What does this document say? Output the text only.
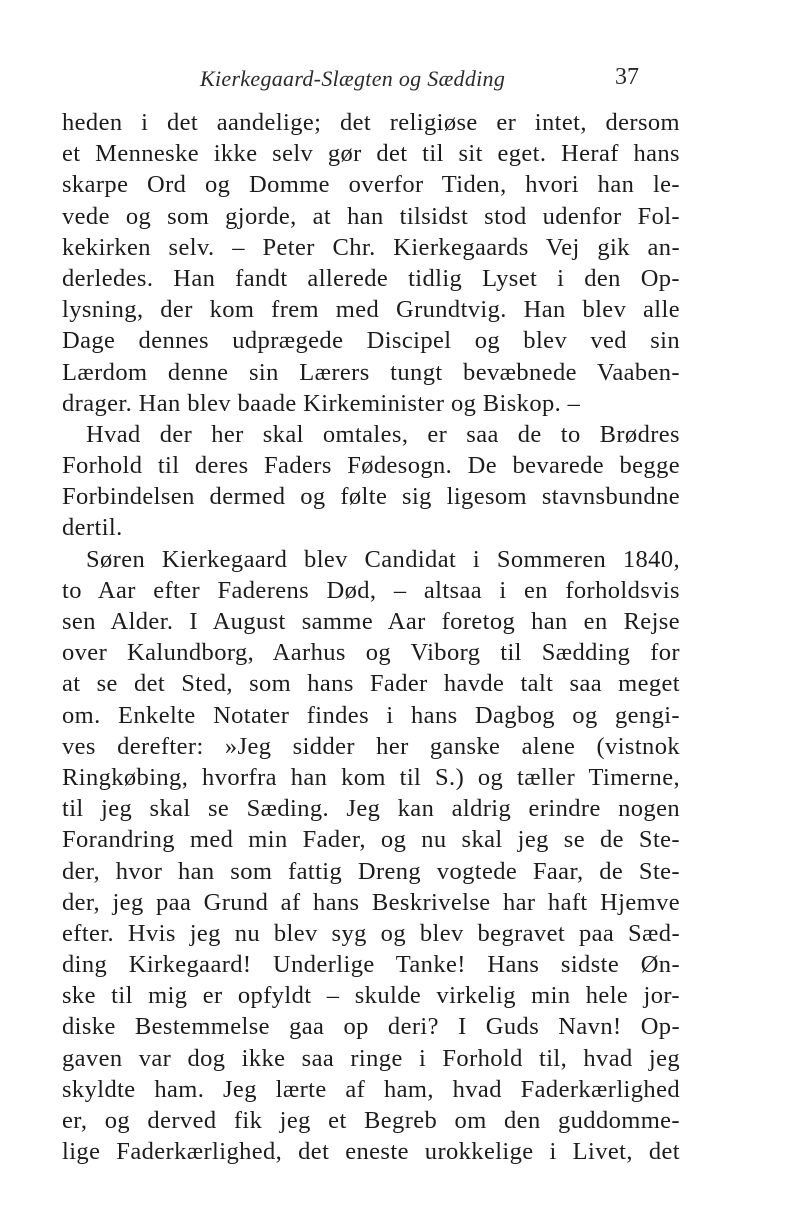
Kierkegaard-Slægten og Sædding	37
heden i det aandelige; det religiøse er intet, dersom
et Menneske ikke selv gør det til sit eget. Heraf hans
skarpe Ord og Domme overfor Tiden, hvori han le-
vede og som gjorde, at han tilsidst stod udenfor Fol-
kekirken selv. – Peter Chr. Kierkegaards Vej gik an-
derledes. Han fandt allerede tidlig Lyset i den Op-
lysning, der kom frem med Grundtvig. Han blev alle
Dage dennes udprægede Discipel og blev ved sin
Lærdom denne sin Lærers tungt bevæbnede Vaaben-
drager. Han blev baade Kirkeminister og Biskop. –
Hvad der her skal omtales, er saa de to Brødres
Forhold til deres Faders Fødesogn. De bevarede begge
Forbindelsen dermed og følte sig ligesom stavnsbundne
dertil.
Søren Kierkegaard blev Candidat i Sommeren 1840,
to Aar efter Faderens Død, – altsaa i en forholdsvis
sen Alder. I August samme Aar foretog han en Rejse
over Kalundborg, Aarhus og Viborg til Sædding for
at se det Sted, som hans Fader havde talt saa meget
om. Enkelte Notater findes i hans Dagbog og gengi-
ves derefter: »Jeg sidder her ganske alene (vistnok
Ringkøbing, hvorfra han kom til S.) og tæller Timerne,
til jeg skal se Sæding. Jeg kan aldrig erindre nogen
Forandring med min Fader, og nu skal jeg se de Ste-
der, hvor han som fattig Dreng vogtede Faar, de Ste-
der, jeg paa Grund af hans Beskrivelse har haft Hjemve
efter. Hvis jeg nu blev syg og blev begravet paa Sæd-
ding Kirkegaard! Underlige Tanke! Hans sidste Øn-
ske til mig er opfyldt – skulde virkelig min hele jor-
diske Bestemmelse gaa op deri? I Guds Navn! Op-
gaven var dog ikke saa ringe i Forhold til, hvad jeg
skyldte ham. Jeg lærte af ham, hvad Faderkærlighed
er, og derved fik jeg et Begreb om den guddomme-
lige Faderkærlighed, det eneste urokkelige i Livet, det
